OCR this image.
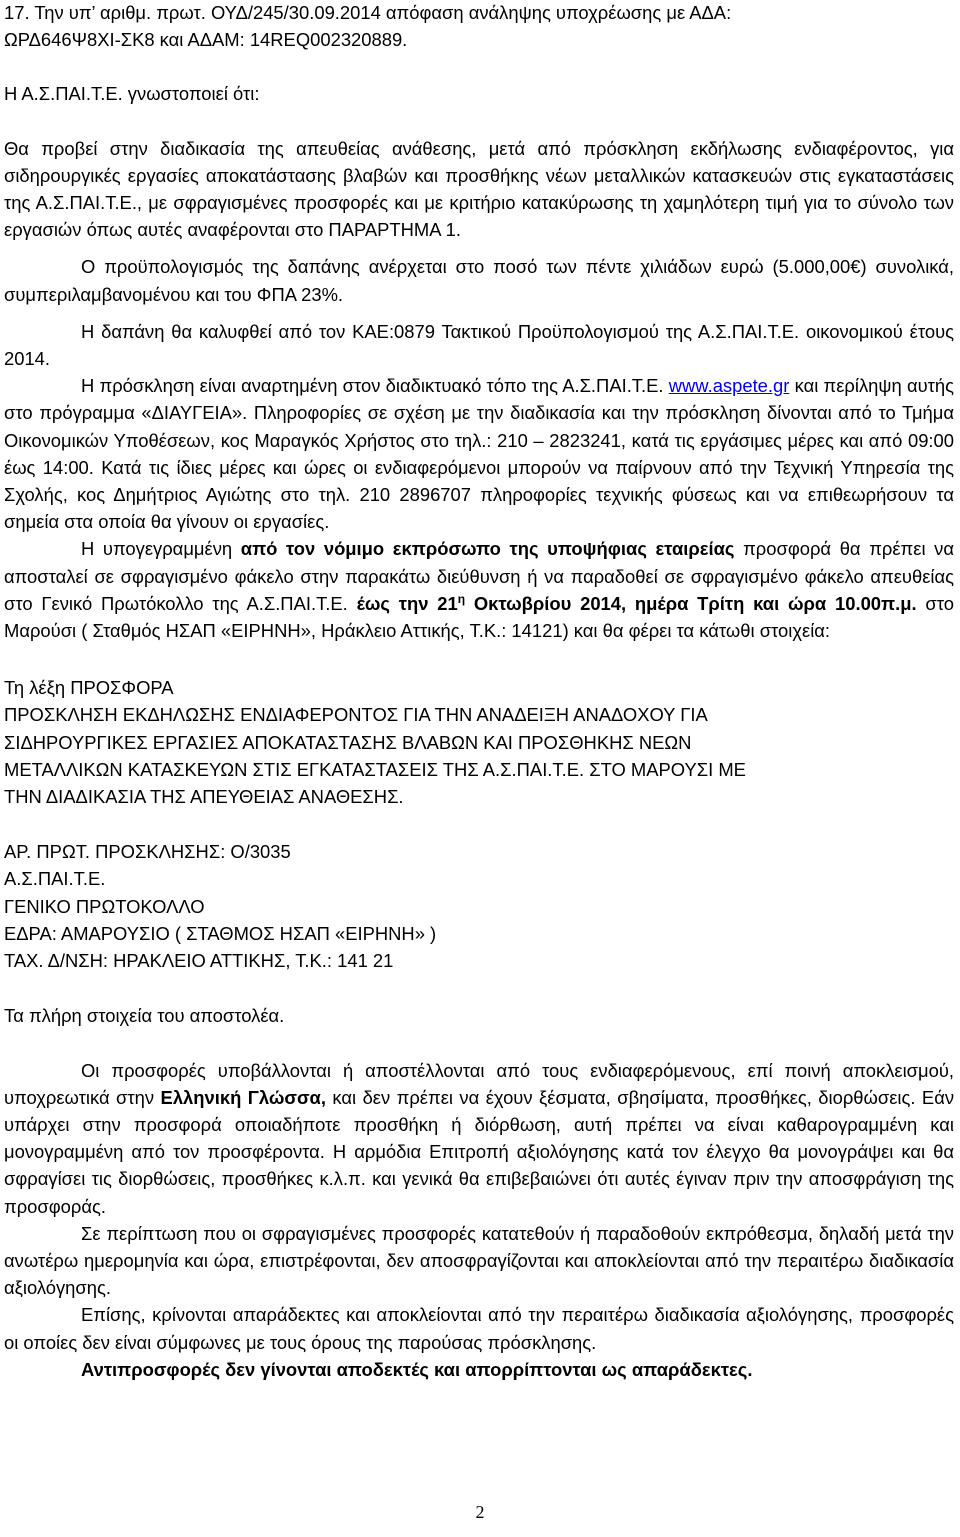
17. Την υπ’ αριθμ. πρωτ. ΟΥΔ/245/30.09.2014 απόφαση ανάληψης υποχρέωσης με ΑΔΑ:

ΩΡΔ646Ψ8ΧΙ-ΣΚ8 και ΑΔΑΜ: 14REQ002320889.

Η Α.Σ.ΠΑΙ.Τ.Ε. γνωστοποιεί ότι:

Θα προβεί στην διαδικασία της απευθείας ανάθεσης, μετά από πρόσκληση εκδήλωσης ενδιαφέροντος, για σιδηρουργικές εργασίες αποκατάστασης βλαβών και προσθήκης νέων μεταλλικών κατασκευών στις εγκαταστάσεις της Α.Σ.ΠΑΙ.Τ.Ε., με σφραγισμένες προσφορές και με κριτήριο κατακύρωσης τη χαμηλότερη τιμή για το σύνολο των εργασιών όπως αυτές αναφέρονται στο ΠΑΡΑΡΤΗΜΑ 1.

Ο προϋπολογισμός της δαπάνης ανέρχεται στο ποσό των πέντε χιλιάδων ευρώ (5.000,00€) συνολικά, συμπεριλαμβανομένου και του ΦΠΑ 23%.

Η δαπάνη θα καλυφθεί από τον ΚΑΕ:0879 Τακτικού Προϋπολογισμού της Α.Σ.ΠΑΙ.Τ.Ε. οικονομικού έτους 2014.

Η πρόσκληση είναι αναρτημένη στον διαδικτυακό τόπο της Α.Σ.ΠΑΙ.Τ.Ε. www.aspete.gr και περίληψη αυτής στο πρόγραμμα «ΔΙΑΥΓΕΙΑ». Πληροφορίες σε σχέση με την διαδικασία και την πρόσκληση δίνονται από το Τμήμα Οικονομικών Υποθέσεων, κος Μαραγκός Χρήστος στο τηλ.: 210 – 2823241, κατά τις εργάσιμες μέρες και από 09:00 έως 14:00. Κατά τις ίδιες μέρες και ώρες οι ενδιαφερόμενοι μπορούν να παίρνουν από την Τεχνική Υπηρεσία της Σχολής, κος Δημήτριος Αγιώτης στο τηλ. 210 2896707 πληροφορίες τεχνικής φύσεως και να επιθεωρήσουν τα σημεία στα οποία θα γίνουν οι εργασίες.

Η υπογεγραμμένη από τον νόμιμο εκπρόσωπο της υποψήφιας εταιρείας προσφορά θα πρέπει να αποσταλεί σε σφραγισμένο φάκελο στην παρακάτω διεύθυνση ή να παραδοθεί σε σφραγισμένο φάκελο απευθείας στο Γενικό Πρωτόκολλο της Α.Σ.ΠΑΙ.Τ.Ε. έως την $21^\eta$ Οκτωβρίου 2014, ημέρα Τρίτη και ώρα 10.00π.μ. στο Μαρούσι ( Σταθμός ΗΣΑΠ «ΕΙΡΗΝΗ», Ηράκλειο Αττικής, Τ.Κ.: 14121) και θα φέρει τα κάτωθι στοιχεία:

Τη λέξη ΠΡΟΣΦΟΡΑ

ΠΡΟΣΚΛΗΣΗ ΕΚΔΗΛΩΣΗΣ ΕΝΔΙΑΦΕΡΟΝΤΟΣ ΓΙΑ ΤΗΝ ΑΝΑΔΕΙΞΗ ΑΝΑΔΟΧΟΥ ΓΙΑ

ΣΙΔΗΡΟΥΡΓΙΚΕΣ ΕΡΓΑΣΙΕΣ ΑΠΟΚΑΤΑΣΤΑΣΗΣ ΒΛΑΒΩΝ ΚΑΙ ΠΡΟΣΘΗΚΗΣ ΝΕΩΝ

ΜΕΤΑΛΛΙΚΩΝ ΚΑΤΑΣΚΕΥΩΝ ΣΤΙΣ ΕΓΚΑΤΑΣΤΑΣΕΙΣ ΤΗΣ Α.Σ.ΠΑΙ.Τ.Ε. ΣΤΟ ΜΑΡΟΥΣΙ ΜΕ

ΤΗΝ ΔΙΑΔΙΚΑΣΙΑ ΤΗΣ ΑΠΕΥΘΕΙΑΣ ΑΝΑΘΕΣΗΣ.

ΑΡ. ΠΡΩΤ. ΠΡΟΣΚΛΗΣΗΣ: Ο/3035

Α.Σ.ΠΑΙ.Τ.Ε.

ΓΕΝΙΚΟ ΠΡΩΤΟΚΟΛΛΟ

ΕΔΡΑ: ΑΜΑΡΟΥΣΙΟ ( ΣΤΑΘΜΟΣ ΗΣΑΠ «ΕΙΡΗΝΗ» )

ΤΑΧ. Δ/ΝΣΗ: ΗΡΑΚΛΕΙΟ ΑΤΤΙΚΗΣ, Τ.Κ.: 141 21

Τα πλήρη στοιχεία του αποστολέα.

Οι προσφορές υποβάλλονται ή αποστέλλονται από τους ενδιαφερόμενους, επί ποινή αποκλεισμού, υποχρεωτικά στην Ελληνική Γλώσσα, και δεν πρέπει να έχουν ξέσματα, σβησίματα, προσθήκες, διορθώσεις. Εάν υπάρχει στην προσφορά οποιαδήποτε προσθήκη ή διόρθωση, αυτή πρέπει να είναι καθαρογραμμένη και μονογραμμένη από τον προσφέροντα. Η αρμόδια Επιτροπή αξιολόγησης κατά τον έλεγχο θα μονογράψει και θα σφραγίσει τις διορθώσεις, προσθήκες κ.λ.π. και γενικά θα επιβεβαιώνει ότι αυτές έγιναν πριν την αποσφράγιση της προσφοράς.

Σε περίπτωση που οι σφραγισμένες προσφορές κατατεθούν ή παραδοθούν εκπρόθεσμα, δηλαδή μετά την ανωτέρω ημερομηνία και ώρα, επιστρέφονται, δεν αποσφραγίζονται και αποκλείονται από την περαιτέρω διαδικασία αξιολόγησης.

Επίσης, κρίνονται απαράδεκτες και αποκλείονται από την περαιτέρω διαδικασία αξιολόγησης, προσφορές οι οποίες δεν είναι σύμφωνες με τους όρους της παρούσας πρόσκλησης.

Αντιπροσφορές δεν γίνονται αποδεκτές και απορρίπτονται ως απαράδεκτες.

2
